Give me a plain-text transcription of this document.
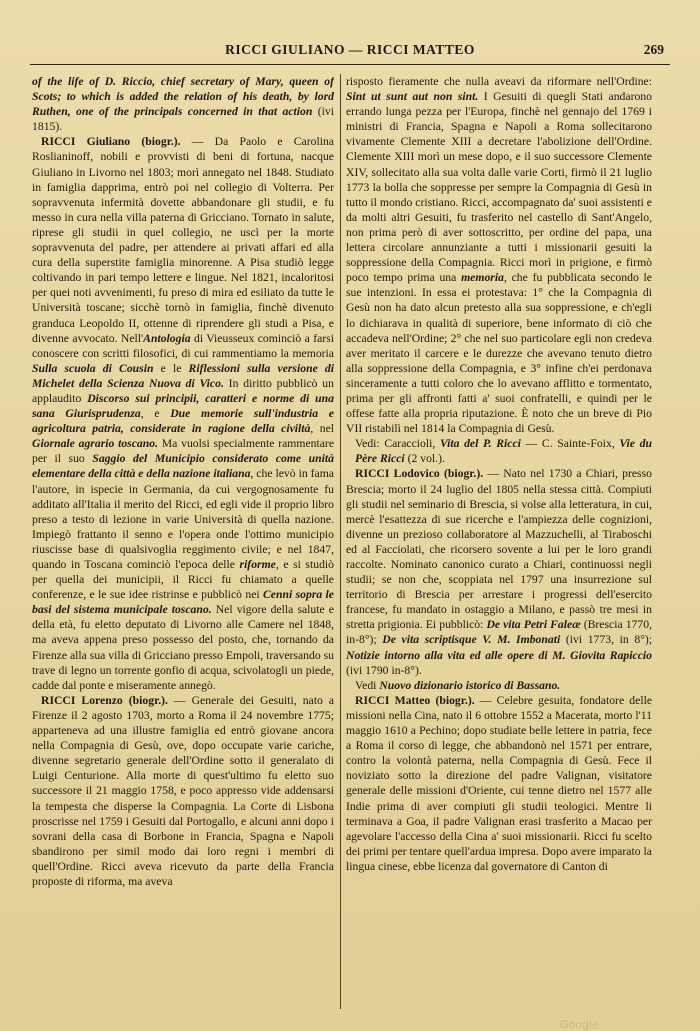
RICCI GIULIANO — RICCI MATTEO	269

of the life of D. Riccio, chief secretary of Mary, queen of Scots; to which is added the relation of his death, by lord Ruthen, one of the principals concerned in that action (ivi 1815).

RICCI Giuliano (biogr.). — Da Paolo e Carolina Roslianinoff, nobili e provvisti di beni di fortuna, nacque Giuliano in Livorno nel 1803; morì annegato nel 1848. Studiato in famiglia dapprima, entrò poi nel collegio di Volterra. Per sopravvenuta infermità dovette abbandonare gli studii, e fu messo in cura nella villa paterna di Gricciano. Tornato in salute, riprese gli studii in quel collegio, ne uscì per la morte sopravvenuta del padre, per attendere ai privati affari ed alla cura della superstite famiglia minorenne. A Pisa studiò legge coltivando in pari tempo lettere e lingue. Nel 1821, incaloritosi per quei noti avvenimenti, fu preso di mira ed esiliato da tutte le Università toscane; sicchè tornò in famiglia, finchè divenuto granduca Leopoldo II, ottenne di riprendere gli studi a Pisa, e divenne avvocato. Nell'Antologia di Vieusseux cominciò a farsi conoscere con scritti filosofici, di cui rammentiamo la memoria Sulla scuola di Cousin e le Riflessioni sulla versione di Michelet della Scienza Nuova di Vico. In diritto pubblicò un applaudito Discorso sui principii, caratteri e norme di una sana Giurisprudenza, e Due memorie sull'industria e agricoltura patria, considerate in ragione della civiltà, nel Giornale agrario toscano. Ma vuolsi specialmente rammentare per il suo Saggio del Municipio considerato come unità elementare della città e della nazione italiana, che levò in fama l'autore, in ispecie in Germania, da cui vergognosamente fu additato all'Italia il merito del Ricci, ed egli vide il proprio libro preso a testo di lezione in varie Università di quella nazione. Impiegò frattanto il senno e l'opera onde l'ottimo municipio riuscisse base di qualsivoglia reggimento civile; e nel 1847, quando in Toscana cominciò l'epoca delle riforme, e si studiò per quella dei municipii, il Ricci fu chiamato a quelle conferenze, e le sue idee ristrinse e pubblicò nei Cenni sopra le basi del sistema municipale toscano. Nel vigore della salute e della età, fu eletto deputato di Livorno alle Camere nel 1848, ma aveva appena preso possesso del posto, che, tornando da Firenze alla sua villa di Gricciano presso Empoli, traversando su trave di legno un torrente gonfio di acqua, scivolatogli un piede, cadde dal ponte e miseramente annegò.

RICCI Lorenzo (biogr.). — Generale dei Gesuiti, nato a Firenze il 2 agosto 1703, morto a Roma il 24 novembre 1775; apparteneva ad una illustre famiglia ed entrò giovane ancora nella Compagnia di Gesù, ove, dopo occupate varie cariche, divenne segretario generale dell'Ordine sotto il generalato di Luigi Centurione. Alla morte di quest'ultimo fu eletto suo successore il 21 maggio 1758, e poco appresso vide addensarsi la tempesta che disperse la Compagnia. La Corte di Lisbona proscrisse nel 1759 i Gesuiti dal Portogallo, e alcuni anni dopo i sovrani della casa di Borbone in Francia, Spagna e Napoli sbandirono per simil modo dai loro regni i membri di quell'Ordine. Ricci aveva ricevuto da parte della Francia proposte di riforma, ma aveva

risposto fieramente che nulla aveavi da riformare nell'Ordine: Sint ut sunt aut non sint. I Gesuiti di quegli Stati andarono errando lunga pezza per l'Europa, finchè nel gennajo del 1769 i ministri di Francia, Spagna e Napoli a Roma sollecitarono vivamente Clemente XIII a decretare l'abolizione dell'Ordine. Clemente XIII morì un mese dopo, e il suo successore Clemente XIV, sollecitato alla sua volta dalle varie Corti, firmò il 21 luglio 1773 la bolla che soppresse per sempre la Compagnia di Gesù in tutto il mondo cristiano. Ricci, accompagnato da' suoi assistenti e da molti altri Gesuiti, fu trasferito nel castello di Sant'Angelo, non prima però di aver sottoscritto, per ordine del papa, una lettera circolare annunziante a tutti i missionarii gesuiti la soppressione della Compagnia. Ricci morì in prigione, e firmò poco tempo prima una memoria, che fu pubblicata secondo le sue intenzioni. In essa ei protestava: 1° che la Compagnia di Gesù non ha dato alcun pretesto alla sua soppressione, e ch'egli lo dichiarava in qualità di superiore, bene informato di ciò che accadeva nell'Ordine; 2° che nel suo particolare egli non credeva aver meritato il carcere e le durezze che avevano tenuto dietro alla soppressione della Compagnia, e 3° infine ch'ei perdonava sinceramente a tutti coloro che lo avevano afflitto e tormentato, prima per gli affronti fatti a' suoi confratelli, e quindi per le offese fatte alla propria riputazione. È noto che un breve di Pio VII ristabilì nel 1814 la Compagnia di Gesù.

Vedi: Caraccioli, Vita del P. Ricci — C. Sainte-Foix, Vie du Père Ricci (2 vol.).

RICCI Lodovico (biogr.). — Nato nel 1730 a Chiari, presso Brescia; morto il 24 luglio del 1805 nella stessa città. Compiuti gli studii nel seminario di Brescia, si volse alla letteratura, in cui, mercè l'esattezza di sue ricerche e l'ampiezza delle cognizioni, divenne un prezioso collaboratore al Mazzuchelli, al Tiraboschi ed al Facciolati, che ricorsero sovente a lui per le loro grandi raccolte. Nominato canonico curato a Chiari, continuossi negli studii; se non che, scoppiata nel 1797 una insurrezione sul territorio di Brescia per arrestare i progressi dell'esercito francese, fu mandato in ostaggio a Milano, e passò tre mesi in stretta prigionia. Ei pubblicò: De vita Petri Faleæ (Brescia 1770, in-8°); De vita scriptisque V. M. Imbonati (ivi 1773, in 8°); Notizie intorno alla vita ed alle opere di M. Giovita Rapiccio (ivi 1790 in-8°).

Vedi Nuovo dizionario istorico di Bassano.

RICCI Matteo (biogr.). — Celebre gesuita, fondatore delle missioni nella Cina, nato il 6 ottobre 1552 a Macerata, morto l'11 maggio 1610 a Pechino; dopo studiate belle lettere in patria, fece a Roma il corso di legge, che abbandonò nel 1571 per entrare, contro la volontà paterna, nella Compagnia di Gesù. Fece il noviziato sotto la direzione del padre Valignan, visitatore generale delle missioni d'Oriente, cui tenne dietro nel 1577 alle Indie prima di aver compiuti gli studii teologici. Mentre li terminava a Goa, il padre Valignan erasi trasferito a Macao per agevolare l'accesso della Cina a' suoi missionarii. Ricci fu scelto dei primi per tentare quell'ardua impresa. Dopo avere imparato la lingua cinese, ebbe licenza dal governatore di Canton di

Google
